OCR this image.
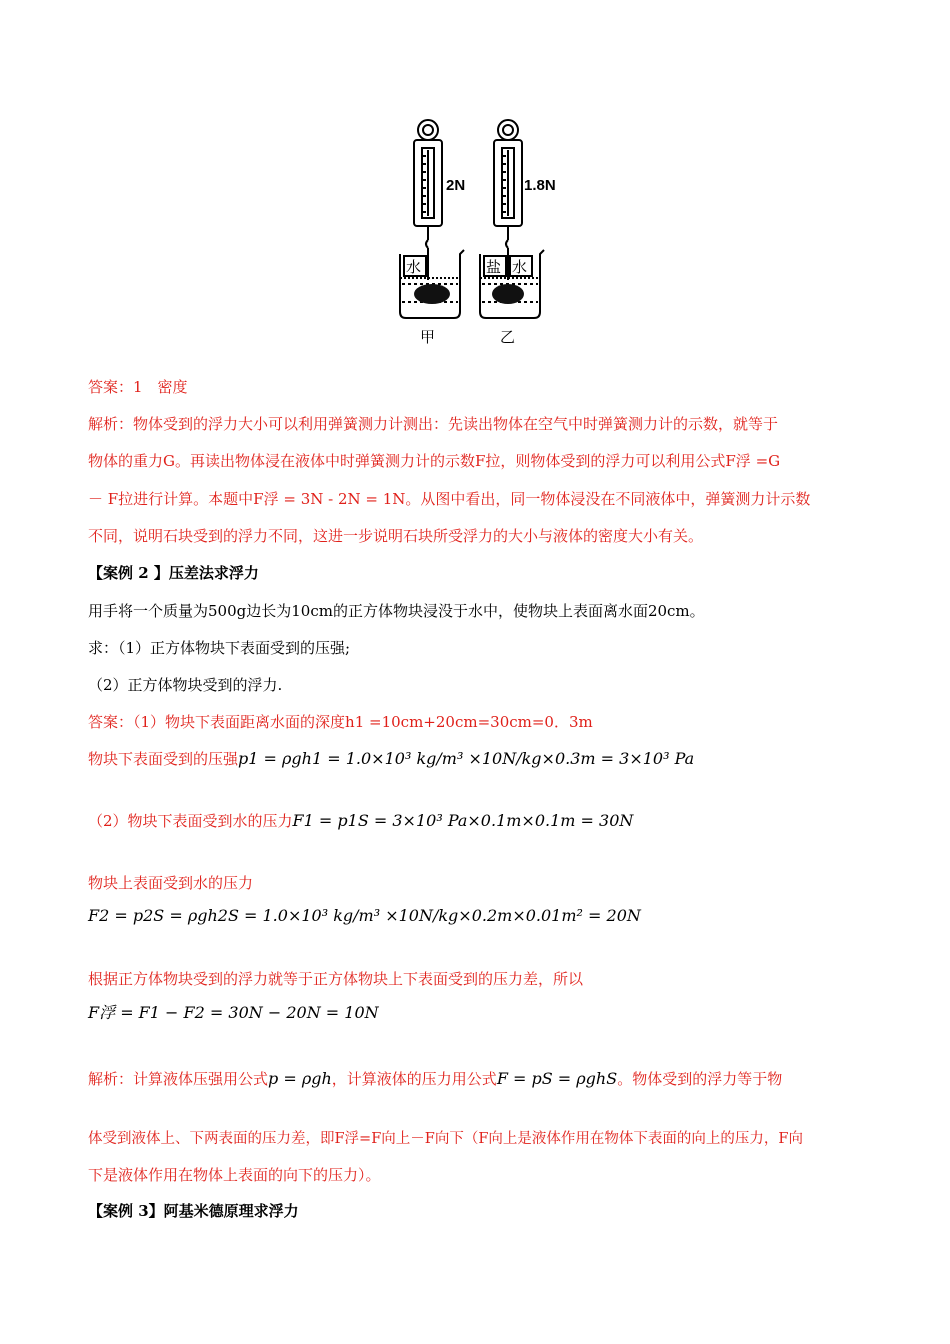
2N
水
甲
1.8N
盐 水
乙
答案：1　密度
解析：物体受到的浮力大小可以利用弹簧测力计测出：先读出物体在空气中时弹簧测力计的示数，就等于
物体的重力G。再读出物体浸在液体中时弹簧测力计的示数F拉，则物体受到的浮力可以利用公式F浮 =G
－ F拉进行计算。本题中F浮 = 3N - 2N = 1N。从图中看出，同一物体浸没在不同液体中，弹簧测力计示数
不同，说明石块受到的浮力不同，这进一步说明石块所受浮力的大小与液体的密度大小有关。
【案例 2 】压差法求浮力
用手将一个质量为500g边长为10cm的正方体物块浸没于水中，使物块上表面离水面20cm。
求：（1）正方体物块下表面受到的压强;
（2）正方体物块受到的浮力.
答案：（1）物块下表面距离水面的深度h1 =10cm+20cm=30cm=0．3m
物块下表面受到的压强p1 = ρgh1 = 1.0×10³ kg/m³ ×10N/kg×0.3m = 3×10³ Pa
（2）物块下表面受到水的压力F1 = p1S = 3×10³ Pa×0.1m×0.1m = 30N
物块上表面受到水的压力
F2 = p2S = ρgh2S = 1.0×10³ kg/m³ ×10N/kg×0.2m×0.01m² = 20N
根据正方体物块受到的浮力就等于正方体物块上下表面受到的压力差，所以
F浮 = F1 − F2 = 30N − 20N = 10N
解析：计算液体压强用公式p = ρgh，计算液体的压力用公式F = pS = ρghS。物体受到的浮力等于物
体受到液体上、下两表面的压力差，即F浮=F向上－F向下（F向上是液体作用在物体下表面的向上的压力，F向
下是液体作用在物体上表面的向下的压力）。
【案例 3】阿基米德原理求浮力
